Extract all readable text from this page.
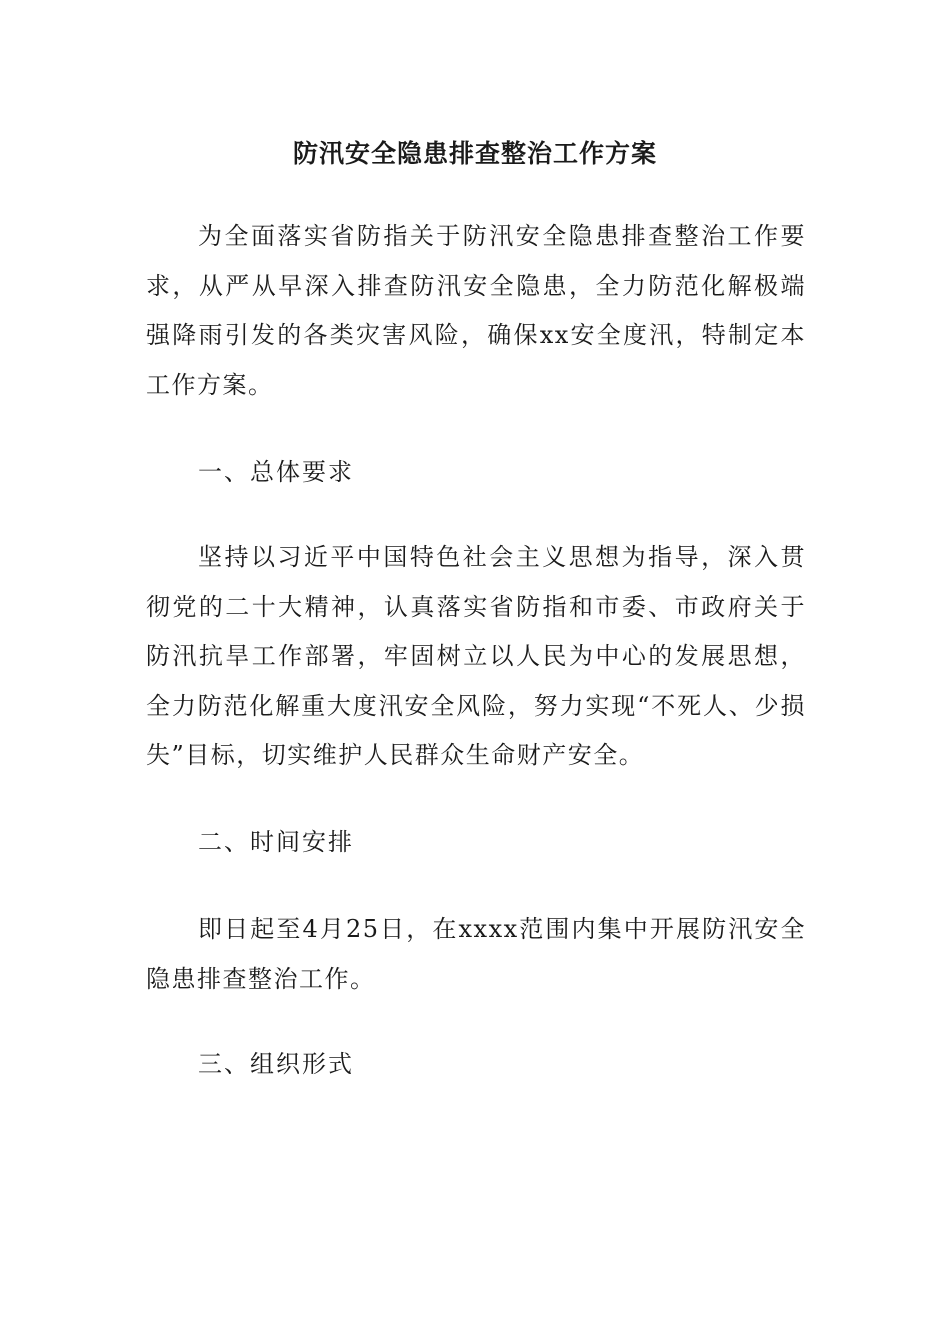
防汛安全隐患排查整治工作方案

为全面落实省防指关于防汛安全隐患排查整治工作要求，从严从早深入排查防汛安全隐患，全力防范化解极端强降雨引发的各类灾害风险，确保xx安全度汛，特制定本工作方案。

一、总体要求

坚持以习近平中国特色社会主义思想为指导，深入贯彻党的二十大精神，认真落实省防指和市委、市政府关于防汛抗旱工作部署，牢固树立以人民为中心的发展思想，全力防范化解重大度汛安全风险，努力实现“不死人、少损失”目标，切实维护人民群众生命财产安全。

二、时间安排

即日起至4月25日，在xxxx范围内集中开展防汛安全隐患排查整治工作。

三、组织形式
